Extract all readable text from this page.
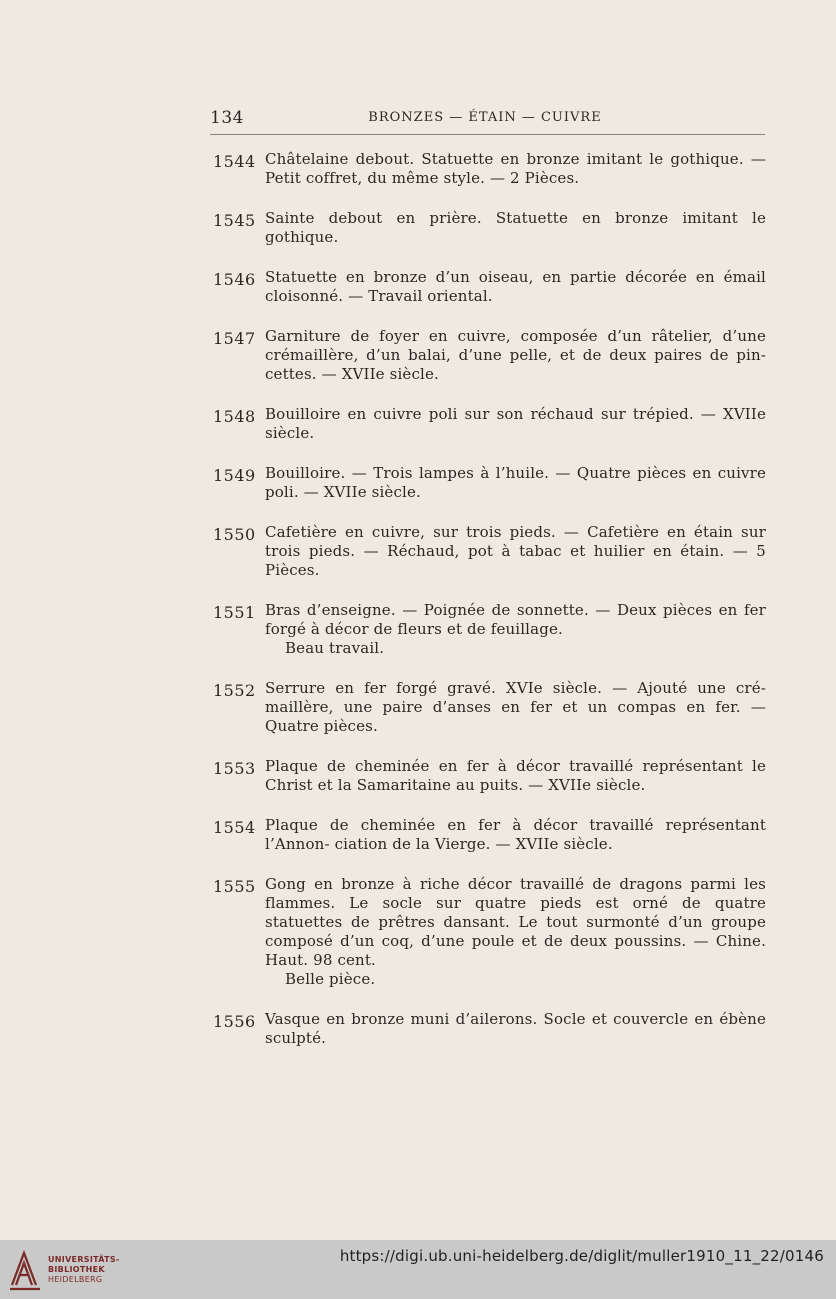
134	BRONZES — ÉTAIN — CUIVRE
1544 Châtelaine debout. Statuette en bronze imitant le gothique. — Petit coffret, du même style. — 2 Pièces.
1545 Sainte debout en prière. Statuette en bronze imitant le gothique.
1546 Statuette en bronze d’un oiseau, en partie décorée en émail cloisonné. — Travail oriental.
1547 Garniture de foyer en cuivre, composée d’un râtelier, d’une crémaillère, d’un balai, d’une pelle, et de deux paires de pin- cettes. — XVIIe siècle.
1548 Bouilloire en cuivre poli sur son réchaud sur trépied. — XVIIe siècle.
1549 Bouilloire. — Trois lampes à l’huile. — Quatre pièces en cuivre poli. — XVIIe siècle.
1550 Cafetière en cuivre, sur trois pieds. — Cafetière en étain sur trois pieds. — Réchaud, pot à tabac et huilier en étain. — 5 Pièces.
1551 Bras d’enseigne. — Poignée de sonnette. — Deux pièces en fer forgé à décor de fleurs et de feuillage.
Beau travail.
1552 Serrure en fer forgé gravé. XVIe siècle. — Ajouté une cré- maillère, une paire d’anses en fer et un compas en fer. — Quatre pièces.
1553 Plaque de cheminée en fer à décor travaillé représentant le Christ et la Samaritaine au puits. — XVIIe siècle.
1554 Plaque de cheminée en fer à décor travaillé représentant l’Annon- ciation de la Vierge. — XVIIe siècle.
1555 Gong en bronze à riche décor travaillé de dragons parmi les flammes. Le socle sur quatre pieds est orné de quatre statuettes de prêtres dansant. Le tout surmonté d’un groupe composé d’un coq, d’une poule et de deux poussins. — Chine. Haut. 98 cent.
Belle pièce.
1556 Vasque en bronze muni d’ailerons. Socle et couvercle en ébène sculpté.
UNIVERSITÄTS-
BIBLIOTHEK
HEIDELBERG
https://digi.ub.uni-heidelberg.de/diglit/muller1910_11_22/0146
